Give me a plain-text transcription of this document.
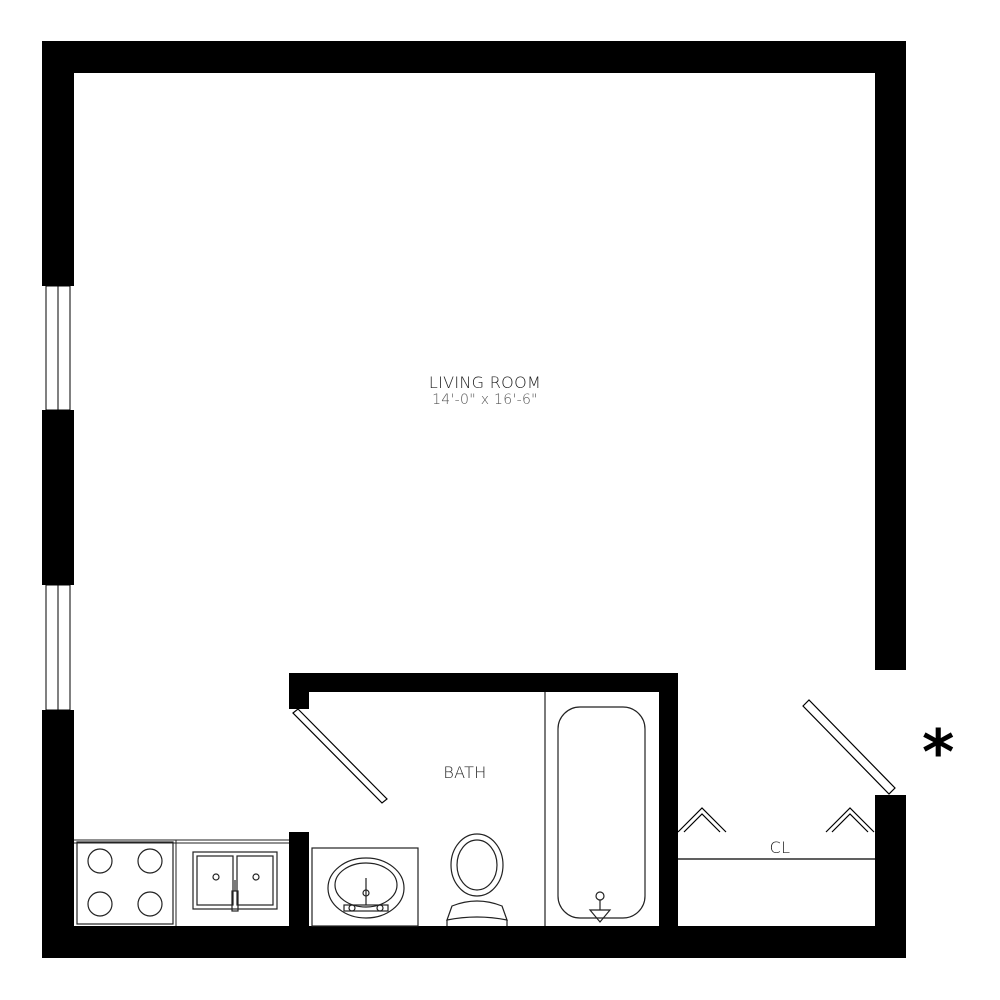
LIVING ROOM
14'-0" x 16'-6"
BATH
CL
*
